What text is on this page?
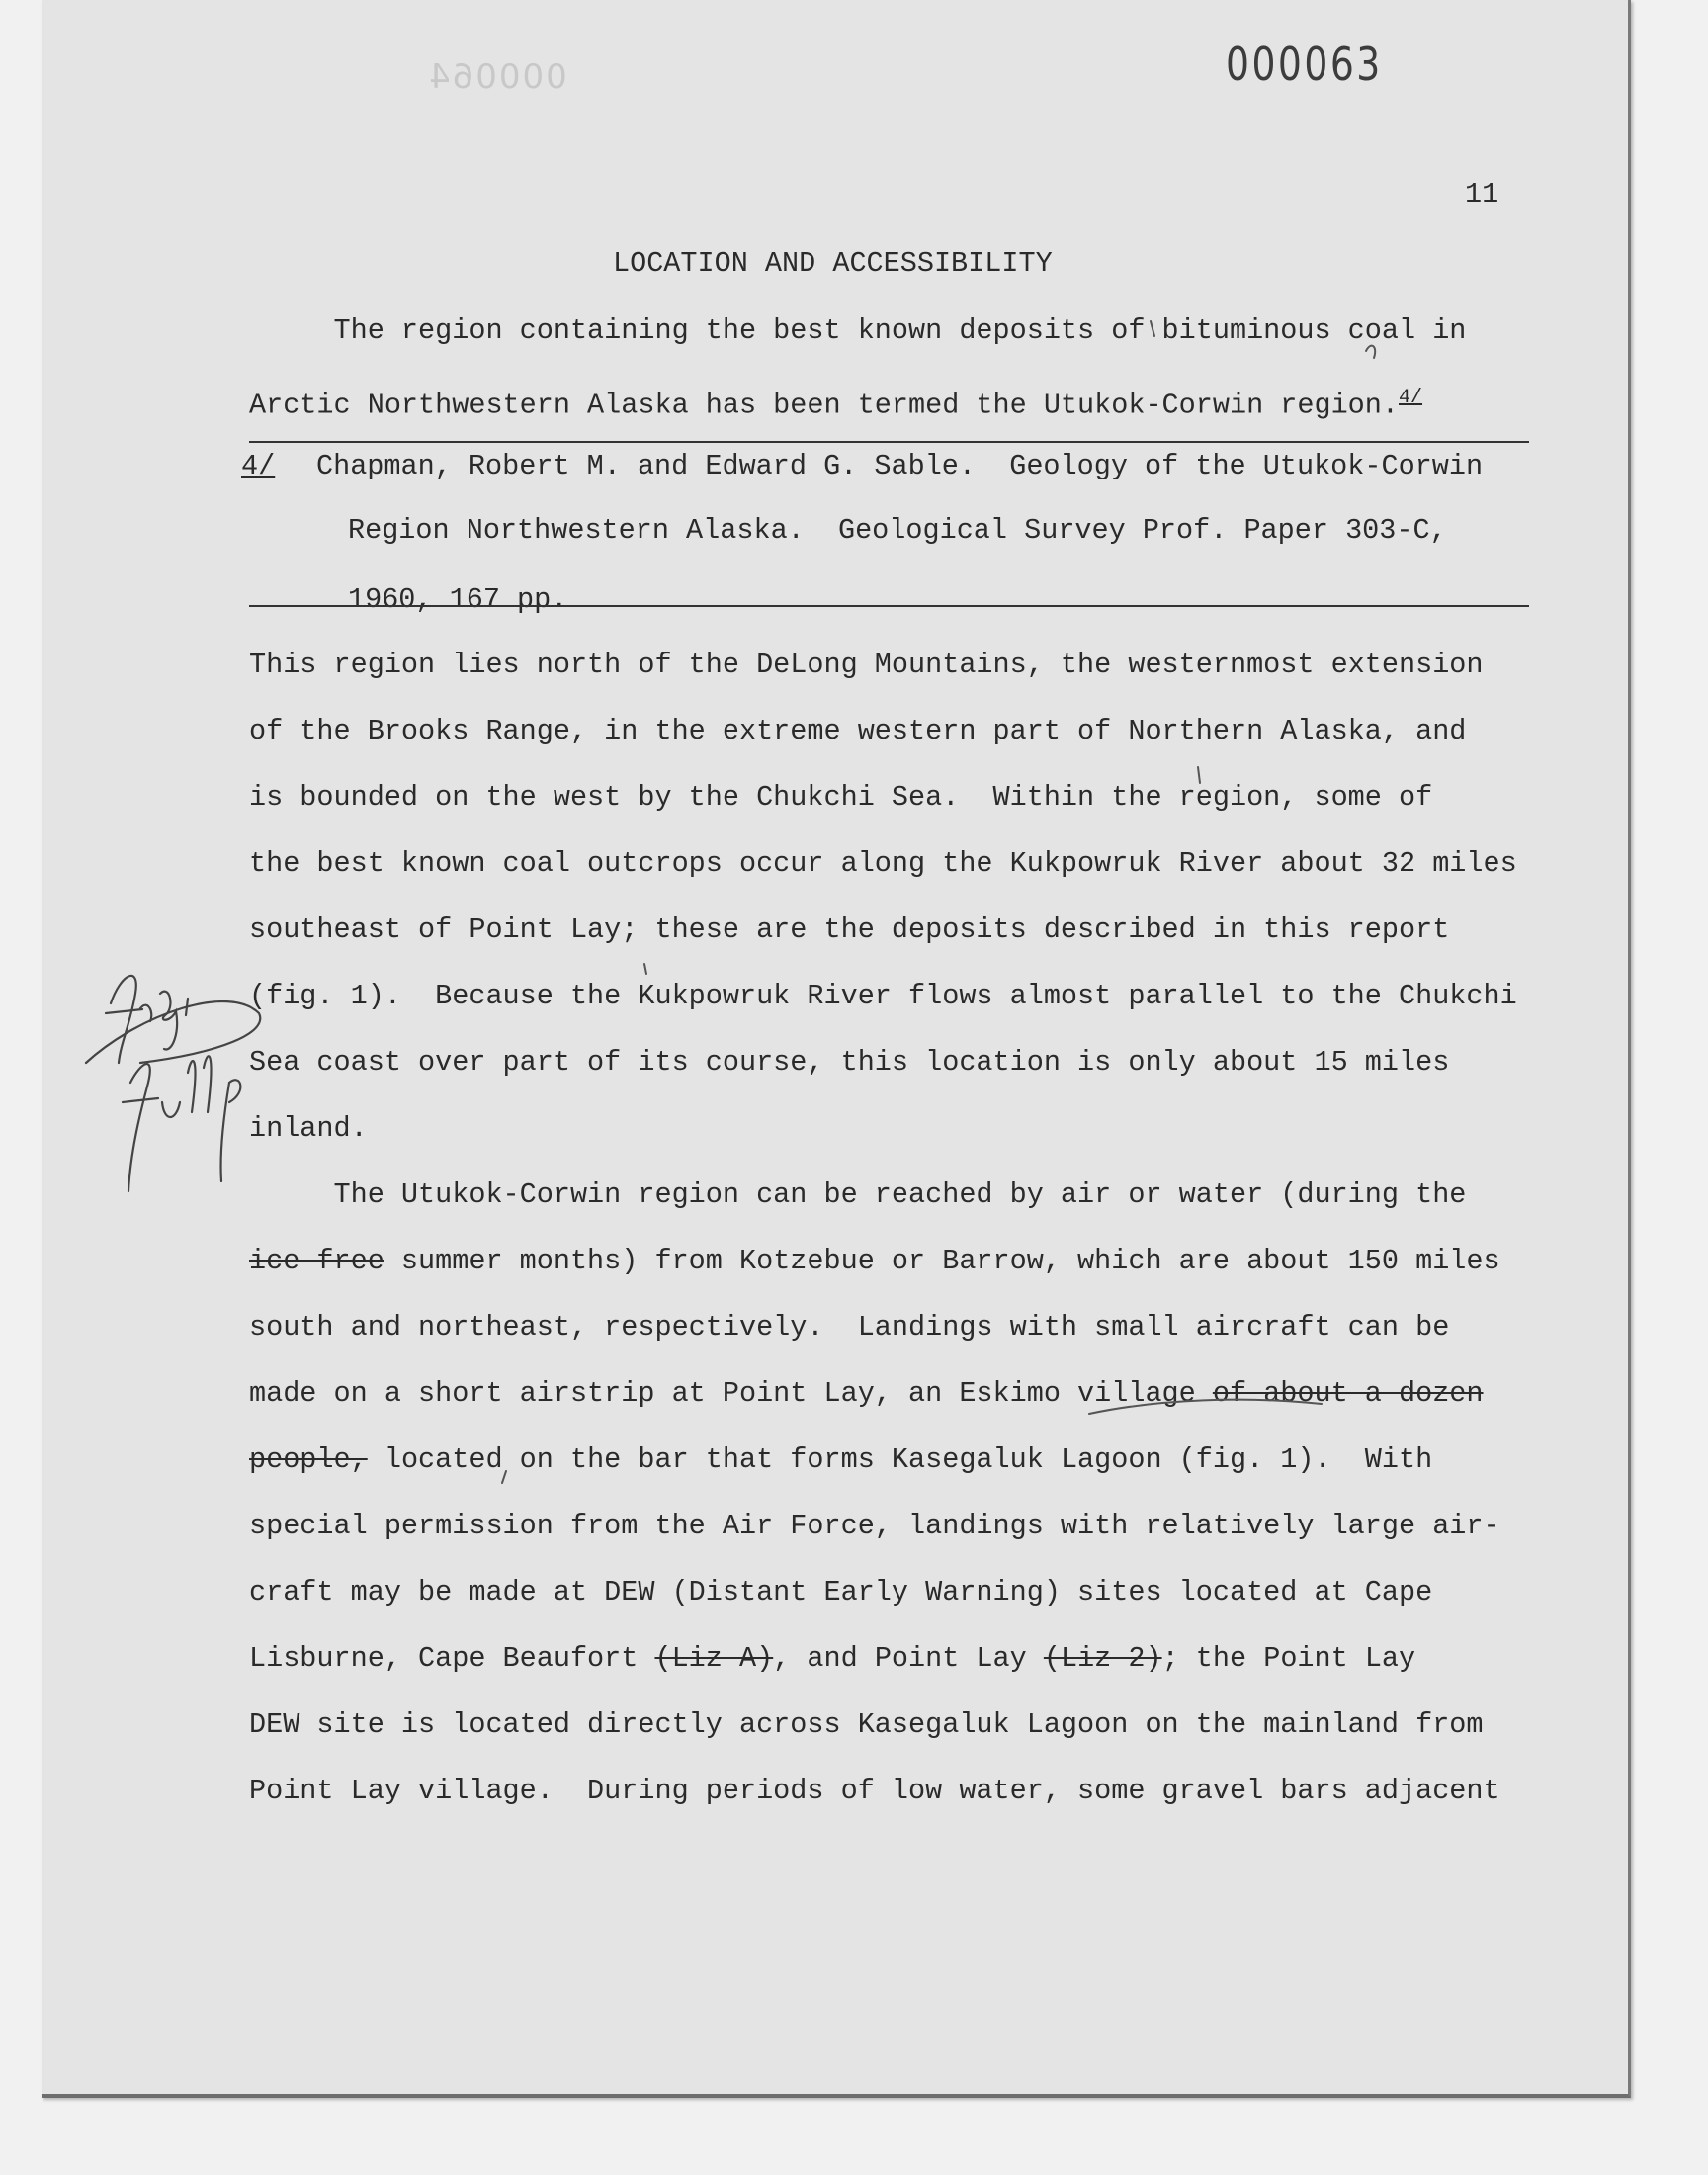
000064	000063
11
LOCATION AND ACCESSIBILITY
The region containing the best known deposits of bituminous coal in
Arctic Northwestern Alaska has been termed the Utukok-Corwin region.$^{4/}$
4/ Chapman, Robert M. and Edward G. Sable.  Geology of the Utukok-Corwin
Region Northwestern Alaska.  Geological Survey Prof. Paper 303-C,
1960, 167 pp.
This region lies north of the DeLong Mountains, the westernmost extension
of the Brooks Range, in the extreme western part of Northern Alaska, and
is bounded on the west by the Chukchi Sea.  Within the region, some of
the best known coal outcrops occur along the Kukpowruk River about 32 miles
southeast of Point Lay; these are the deposits described in this report
(fig. 1).  Because the Kukpowruk River flows almost parallel to the Chukchi
Sea coast over part of its course, this location is only about 15 miles
inland.
The Utukok-Corwin region can be reached by air or water (during the
ice-free summer months) from Kotzebue or Barrow, which are about 150 miles
south and northeast, respectively.  Landings with small aircraft can be
made on a short airstrip at Point Lay, an Eskimo village of about a dozen
people, located on the bar that forms Kasegaluk Lagoon (fig. 1).  With
special permission from the Air Force, landings with relatively large air-
craft may be made at DEW (Distant Early Warning) sites located at Cape
Lisburne, Cape Beaufort (Liz A), and Point Lay (Liz 2); the Point Lay
DEW site is located directly across Kasegaluk Lagoon on the mainland from
Point Lay village.  During periods of low water, some gravel bars adjacent
